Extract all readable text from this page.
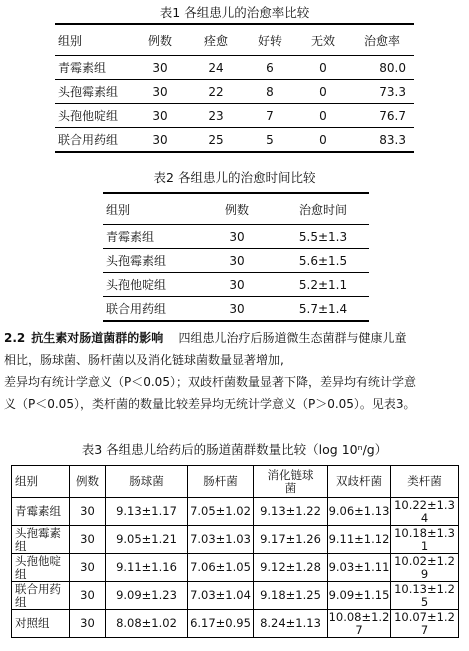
表1 各组患儿的治愈率比较
组别	例数	痊愈	好转	无效	治愈率
青霉素组	30	24	6	0	80.0
头孢霉素组	30	22	8	0	73.3
头孢他啶组	30	23	7	0	76.7
联合用药组	30	25	5	0	83.3
表2 各组患儿的治愈时间比较
组别	例数	治愈时间
青霉素组	30	5.5±1.3
头孢霉素组	30	5.6±1.5
头孢他啶组	30	5.2±1.1
联合用药组	30	5.7±1.4
2.2 抗生素对肠道菌群的影响 四组患儿治疗后肠道微生态菌群与健康儿童
相比，肠球菌、肠杆菌以及消化链球菌数量显著增加,
差异均有统计学意义（P＜0.05）；双歧杆菌数量显著下降，差异均有统计学意
义（P＜0.05），类杆菌的数量比较差异均无统计学意义（P＞0.05）。见表3。
表3 各组患儿给药后的肠道菌群数量比较（log 10ⁿ/g）
组别	例数	肠球菌	肠杆菌	消化链球菌	双歧杆菌	类杆菌
青霉素组	30	9.13±1.17	7.05±1.02	9.13±1.22	9.06±1.13	10.22±1.34
头孢霉素组	30	9.05±1.21	7.03±1.03	9.17±1.26	9.11±1.12	10.18±1.31
头孢他啶组	30	9.11±1.16	7.06±1.05	9.12±1.28	9.03±1.11	10.02±1.29
联合用药组	30	9.09±1.23	7.03±1.04	9.18±1.25	9.09±1.15	10.13±1.25
对照组	30	8.08±1.02	6.17±0.95	8.24±1.13	10.08±1.27	10.07±1.27
